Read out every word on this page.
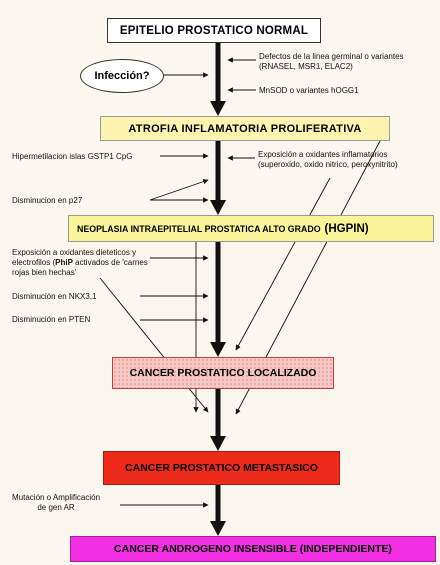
EPITELIO PROSTATICO NORMAL
Infección?
ATROFIA INFLAMATORIA PROLIFERATIVA
NEOPLASIA INTRAEPITELIAL PROSTATICA ALTO GRADO (HGPIN)
CANCER PROSTATICO LOCALIZADO
CANCER PROSTATICO METASTASICO
CANCER ANDROGENO INSENSIBLE (INDEPENDIENTE)
Defectos de la linea germinal o variantes
(RNASEL, MSR1, ELAC2)
MnSOD o variantes hOGG1
Hipermetilacion islas GSTP1 CpG	Exposición a oxidantes inflamatorios
(superoxido, oxido nitrico, peroxynitrito)
Disminucion en p27
Exposición a oxidantes dieteticos y
electrofilos (PhiP activados de 'carnes
rojas bien hechas'
Disminución en NKX3,1
Disminución en PTEN
Mutación o Amplificación
de gen AR
